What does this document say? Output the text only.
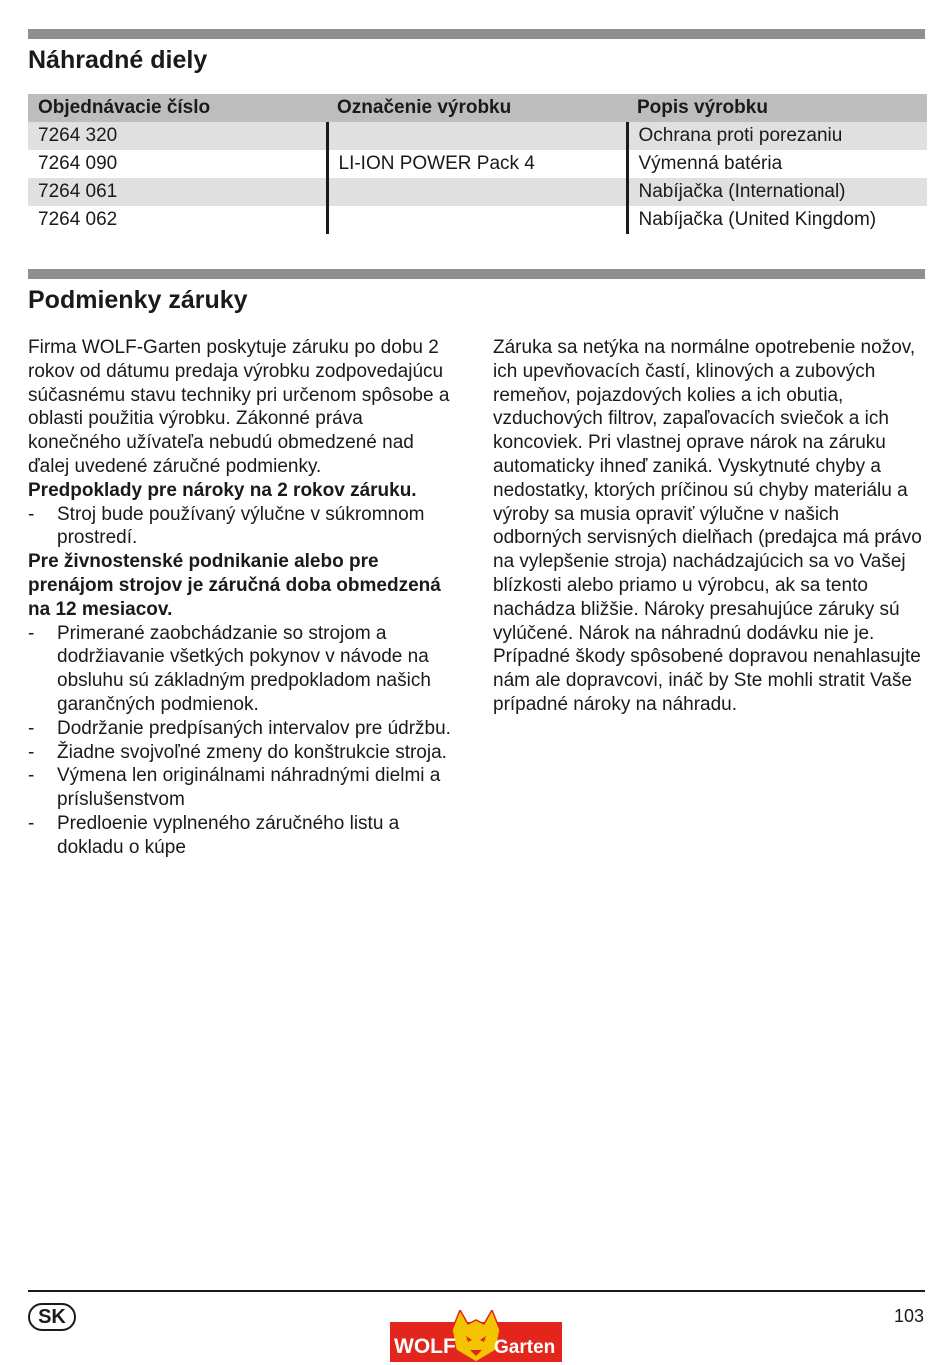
Náhradné diely
Objednávacie číslo	Označenie výrobku	Popis výrobku
7264 320		Ochrana proti porezaniu
7264 090	LI-ION POWER Pack 4	Výmenná batéria
7264 061		Nabíjačka (International)
7264 062		Nabíjačka (United Kingdom)
Podmienky záruky

Firma WOLF-Garten poskytuje záruku po dobu 2 rokov od dátumu predaja výrobku zodpovedajúcu súčasnému stavu techniky pri určenom spôsobe a oblasti použitia výrobku. Zákonné práva konečného užívateľa nebudú obmedzené nad ďalej uvedené záručné podmienky.

Predpoklady pre nároky na 2 rokov záruku.

- Stroj bude používaný výlučne v súkromnom prostredí.

Pre živnostenské podnikanie alebo pre prenájom strojov je záručná doba obmedzená na 12 mesiacov.

- Primerané zaobchádzanie so strojom a dodržiavanie všetkých pokynov v návode na obsluhu sú základným predpokladom našich garančných podmienok.
- Dodržanie predpísaných intervalov pre údržbu.
- Žiadne svojvoľné zmeny do konštrukcie stroja.
- Výmena len originálnami náhradnými dielmi a príslušenstvom
- Predloenie vyplneného záručného listu a dokladu o kúpe

Záruka sa netýka na normálne opotrebenie nožov, ich upevňovacích častí, klinových a zubových remeňov, pojazdových kolies a ich obutia, vzduchových filtrov, zapaľovacích sviečok a ich koncoviek. Pri vlastnej oprave nárok na záruku automaticky ihneď zaniká. Vyskytnuté chyby a nedostatky, ktorých príčinou sú chyby materiálu a výroby sa musia opraviť výlučne v našich odborných servisných dielňach (predajca má právo na vylepšenie stroja) nachádzajúcich sa vo Vašej blízkosti alebo priamo u výrobcu, ak sa tento nachádza bližšie. Nároky presahujúce záruky sú vylúčené. Nárok na náhradnú dodávku nie je. Prípadné škody spôsobené dopravou nenahlasujte nám ale dopravcovi, ináč by Ste mohli stratit Vaše prípadné nároky na náhradu.

SK	103
WOLF Garten
